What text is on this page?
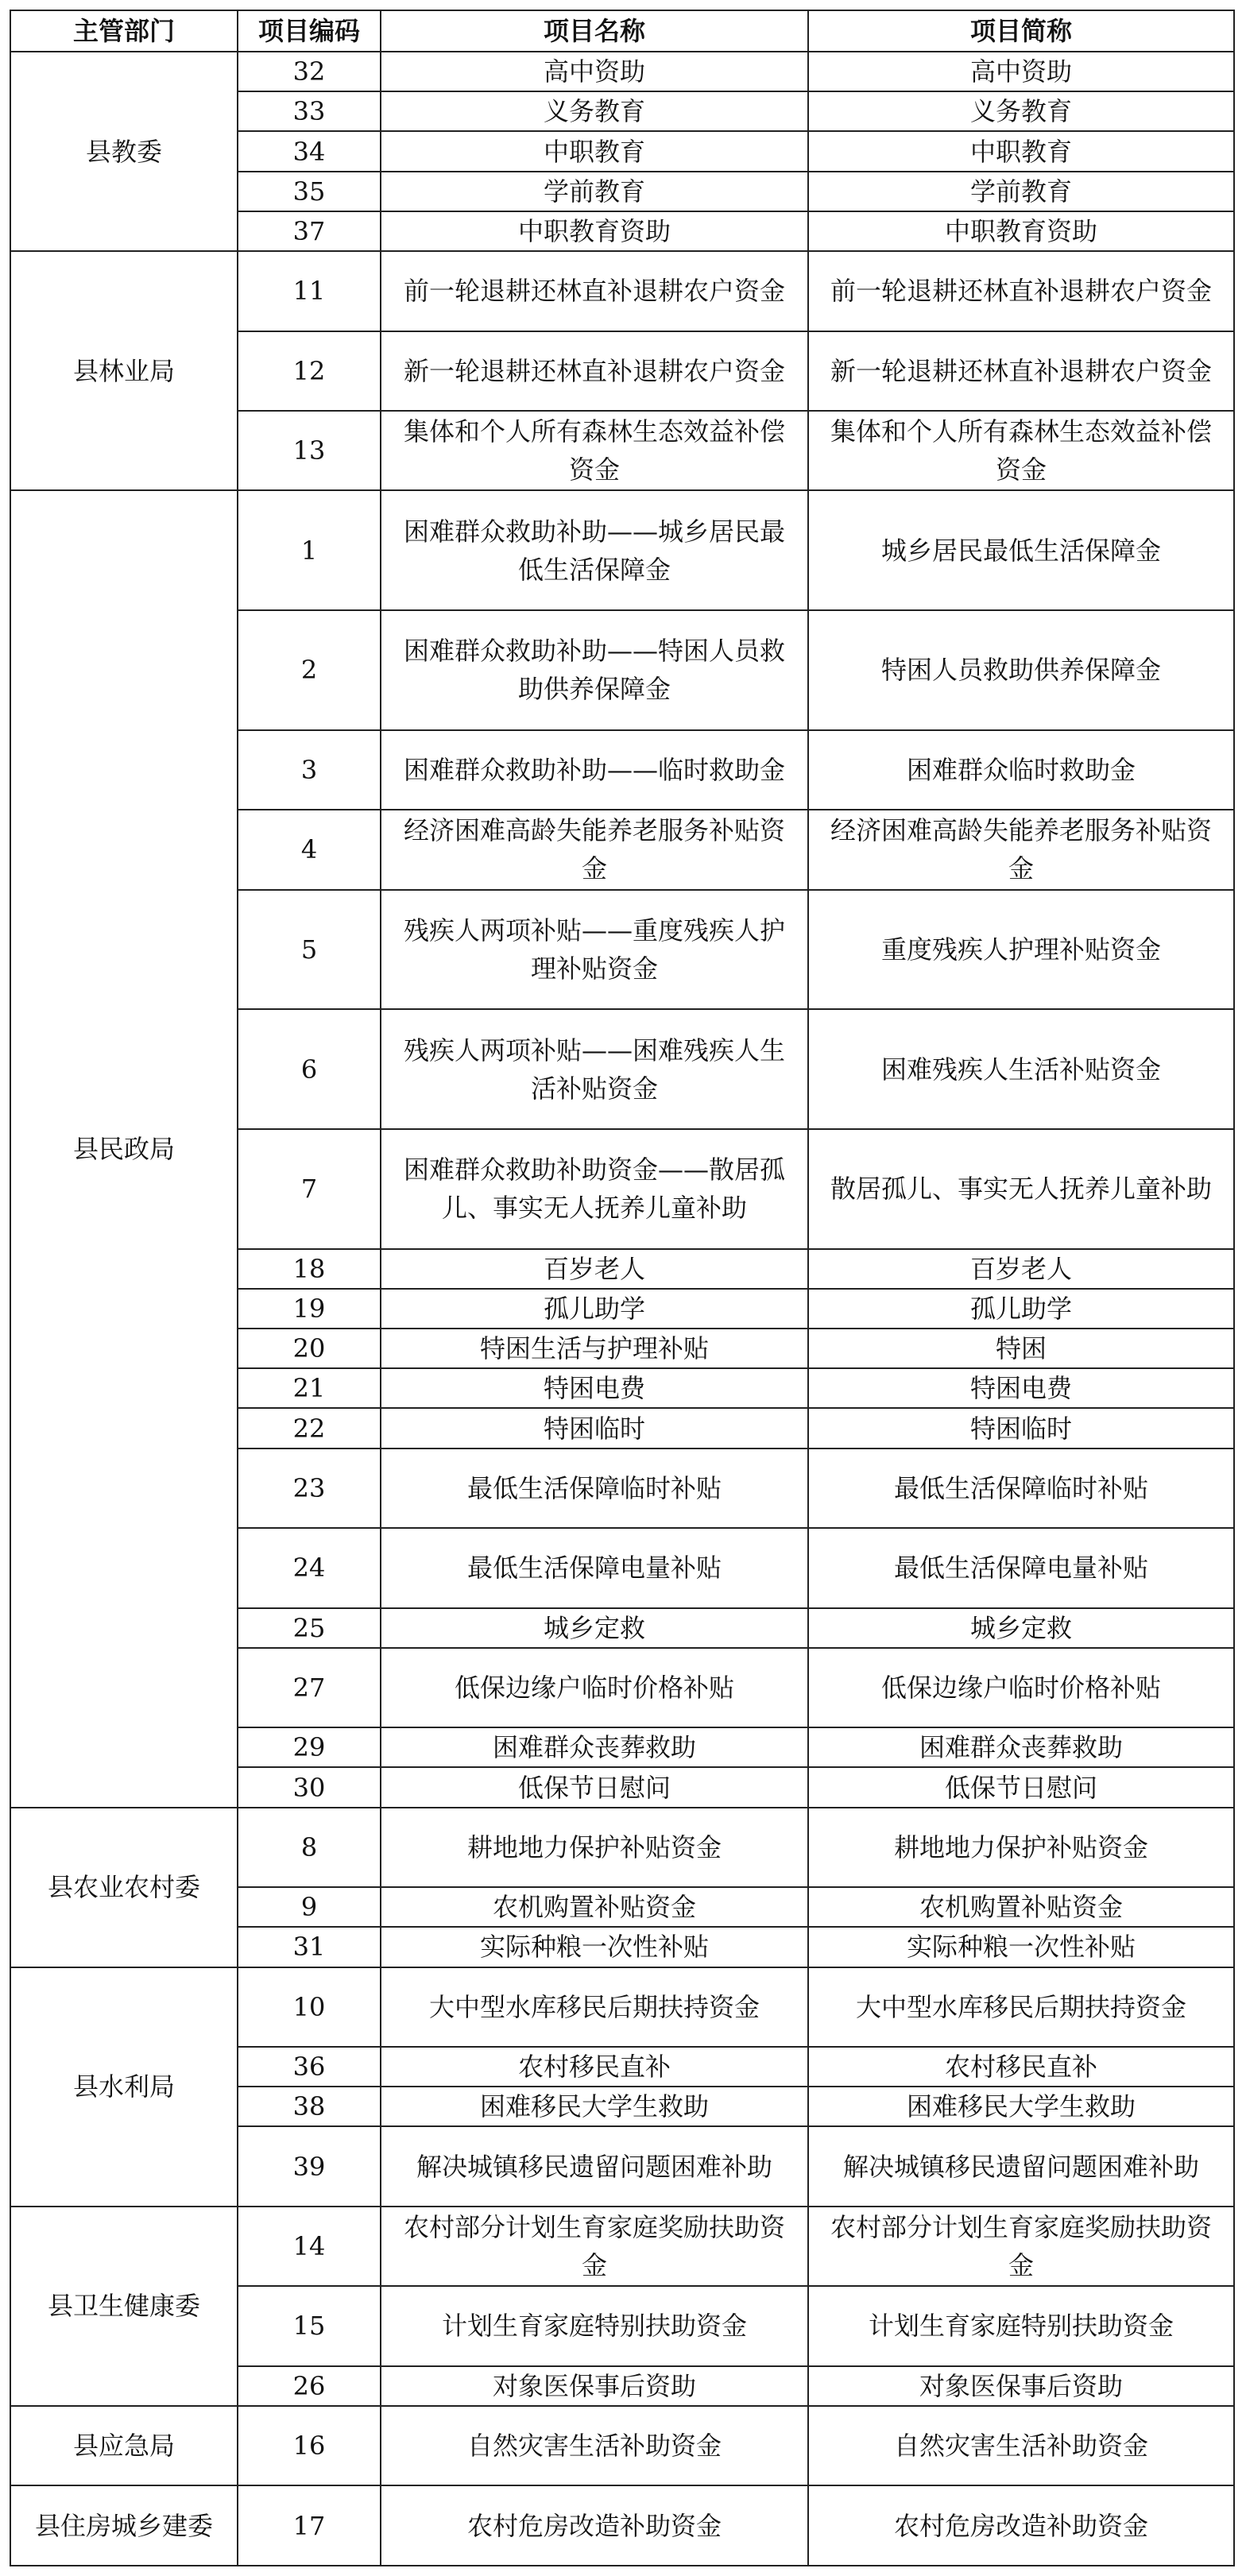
主管部门	项目编码	项目名称	项目简称
县教委	32	高中资助	高中资助
	33	义务教育	义务教育
	34	中职教育	中职教育
	35	学前教育	学前教育
	37	中职教育资助	中职教育资助
县林业局	11	前一轮退耕还林直补退耕农户资金	前一轮退耕还林直补退耕农户资金
	12	新一轮退耕还林直补退耕农户资金	新一轮退耕还林直补退耕农户资金
	13	集体和个人所有森林生态效益补偿资金	集体和个人所有森林生态效益补偿资金
县民政局	1	困难群众救助补助——城乡居民最低生活保障金	城乡居民最低生活保障金
	2	困难群众救助补助——特困人员救助供养保障金	特困人员救助供养保障金
	3	困难群众救助补助——临时救助金	困难群众临时救助金
	4	经济困难高龄失能养老服务补贴资金	经济困难高龄失能养老服务补贴资金
	5	残疾人两项补贴——重度残疾人护理补贴资金	重度残疾人护理补贴资金
	6	残疾人两项补贴——困难残疾人生活补贴资金	困难残疾人生活补贴资金
	7	困难群众救助补助资金——散居孤儿、事实无人抚养儿童补助	散居孤儿、事实无人抚养儿童补助
	18	百岁老人	百岁老人
	19	孤儿助学	孤儿助学
	20	特困生活与护理补贴	特困
	21	特困电费	特困电费
	22	特困临时	特困临时
	23	最低生活保障临时补贴	最低生活保障临时补贴
	24	最低生活保障电量补贴	最低生活保障电量补贴
	25	城乡定救	城乡定救
	27	低保边缘户临时价格补贴	低保边缘户临时价格补贴
	29	困难群众丧葬救助	困难群众丧葬救助
	30	低保节日慰问	低保节日慰问
县农业农村委	8	耕地地力保护补贴资金	耕地地力保护补贴资金
	9	农机购置补贴资金	农机购置补贴资金
	31	实际种粮一次性补贴	实际种粮一次性补贴
县水利局	10	大中型水库移民后期扶持资金	大中型水库移民后期扶持资金
	36	农村移民直补	农村移民直补
	38	困难移民大学生救助	困难移民大学生救助
	39	解决城镇移民遗留问题困难补助	解决城镇移民遗留问题困难补助
县卫生健康委	14	农村部分计划生育家庭奖励扶助资金	农村部分计划生育家庭奖励扶助资金
	15	计划生育家庭特别扶助资金	计划生育家庭特别扶助资金
	26	对象医保事后资助	对象医保事后资助
县应急局	16	自然灾害生活补助资金	自然灾害生活补助资金
县住房城乡建委	17	农村危房改造补助资金	农村危房改造补助资金
